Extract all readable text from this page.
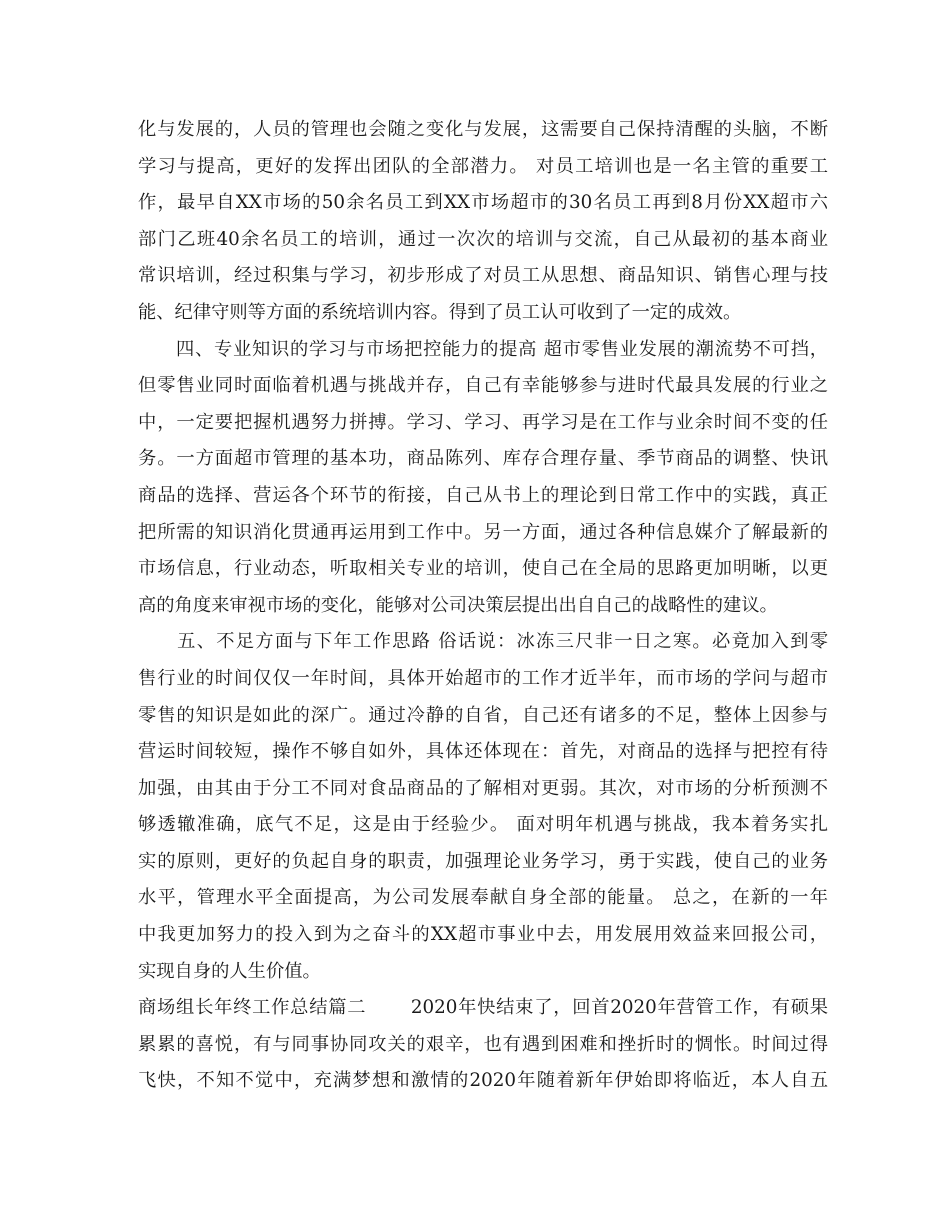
化与发展的，人员的管理也会随之变化与发展，这需要自己保持清醒的头脑，不断
学习与提高，更好的发挥出团队的全部潜力。 对员工培训也是一名主管的重要工
作，最早自XX市场的50余名员工到XX市场超市的30名员工再到8月份XX超市六
部门乙班40余名员工的培训，通过一次次的培训与交流，自己从最初的基本商业
常识培训，经过积集与学习，初步形成了对员工从思想、商品知识、销售心理与技
能、纪律守则等方面的系统培训内容。得到了员工认可收到了一定的成效。
　　四、专业知识的学习与市场把控能力的提高 超市零售业发展的潮流势不可挡，
但零售业同时面临着机遇与挑战并存，自己有幸能够参与进时代最具发展的行业之
中，一定要把握机遇努力拼搏。学习、学习、再学习是在工作与业余时间不变的任
务。一方面超市管理的基本功，商品陈列、库存合理存量、季节商品的调整、快讯
商品的选择、营运各个环节的衔接，自己从书上的理论到日常工作中的实践，真正
把所需的知识消化贯通再运用到工作中。另一方面，通过各种信息媒介了解最新的
市场信息，行业动态，听取相关专业的培训，使自己在全局的思路更加明晰，以更
高的角度来审视市场的变化，能够对公司决策层提出出自自己的战略性的建议。
　　五、不足方面与下年工作思路 俗话说：冰冻三尺非一日之寒。必竟加入到零
售行业的时间仅仅一年时间，具体开始超市的工作才近半年，而市场的学问与超市
零售的知识是如此的深广。通过冷静的自省，自己还有诸多的不足，整体上因参与
营运时间较短，操作不够自如外，具体还体现在：首先，对商品的选择与把控有待
加强，由其由于分工不同对食品商品的了解相对更弱。其次，对市场的分析预测不
够透辙准确，底气不足，这是由于经验少。 面对明年机遇与挑战，我本着务实扎
实的原则，更好的负起自身的职责，加强理论业务学习，勇于实践，使自己的业务
水平，管理水平全面提高，为公司发展奉献自身全部的能量。 总之，在新的一年
中我更加努力的投入到为之奋斗的XX超市事业中去，用发展用效益来回报公司，
实现自身的人生价值。
商场组长年终工作总结篇二　　 2020年快结束了，回首2020年营管工作，有硕果
累累的喜悦，有与同事协同攻关的艰辛，也有遇到困难和挫折时的惆怅。时间过得
飞快，不知不觉中，充满梦想和激情的2020年随着新年伊始即将临近，本人自五
